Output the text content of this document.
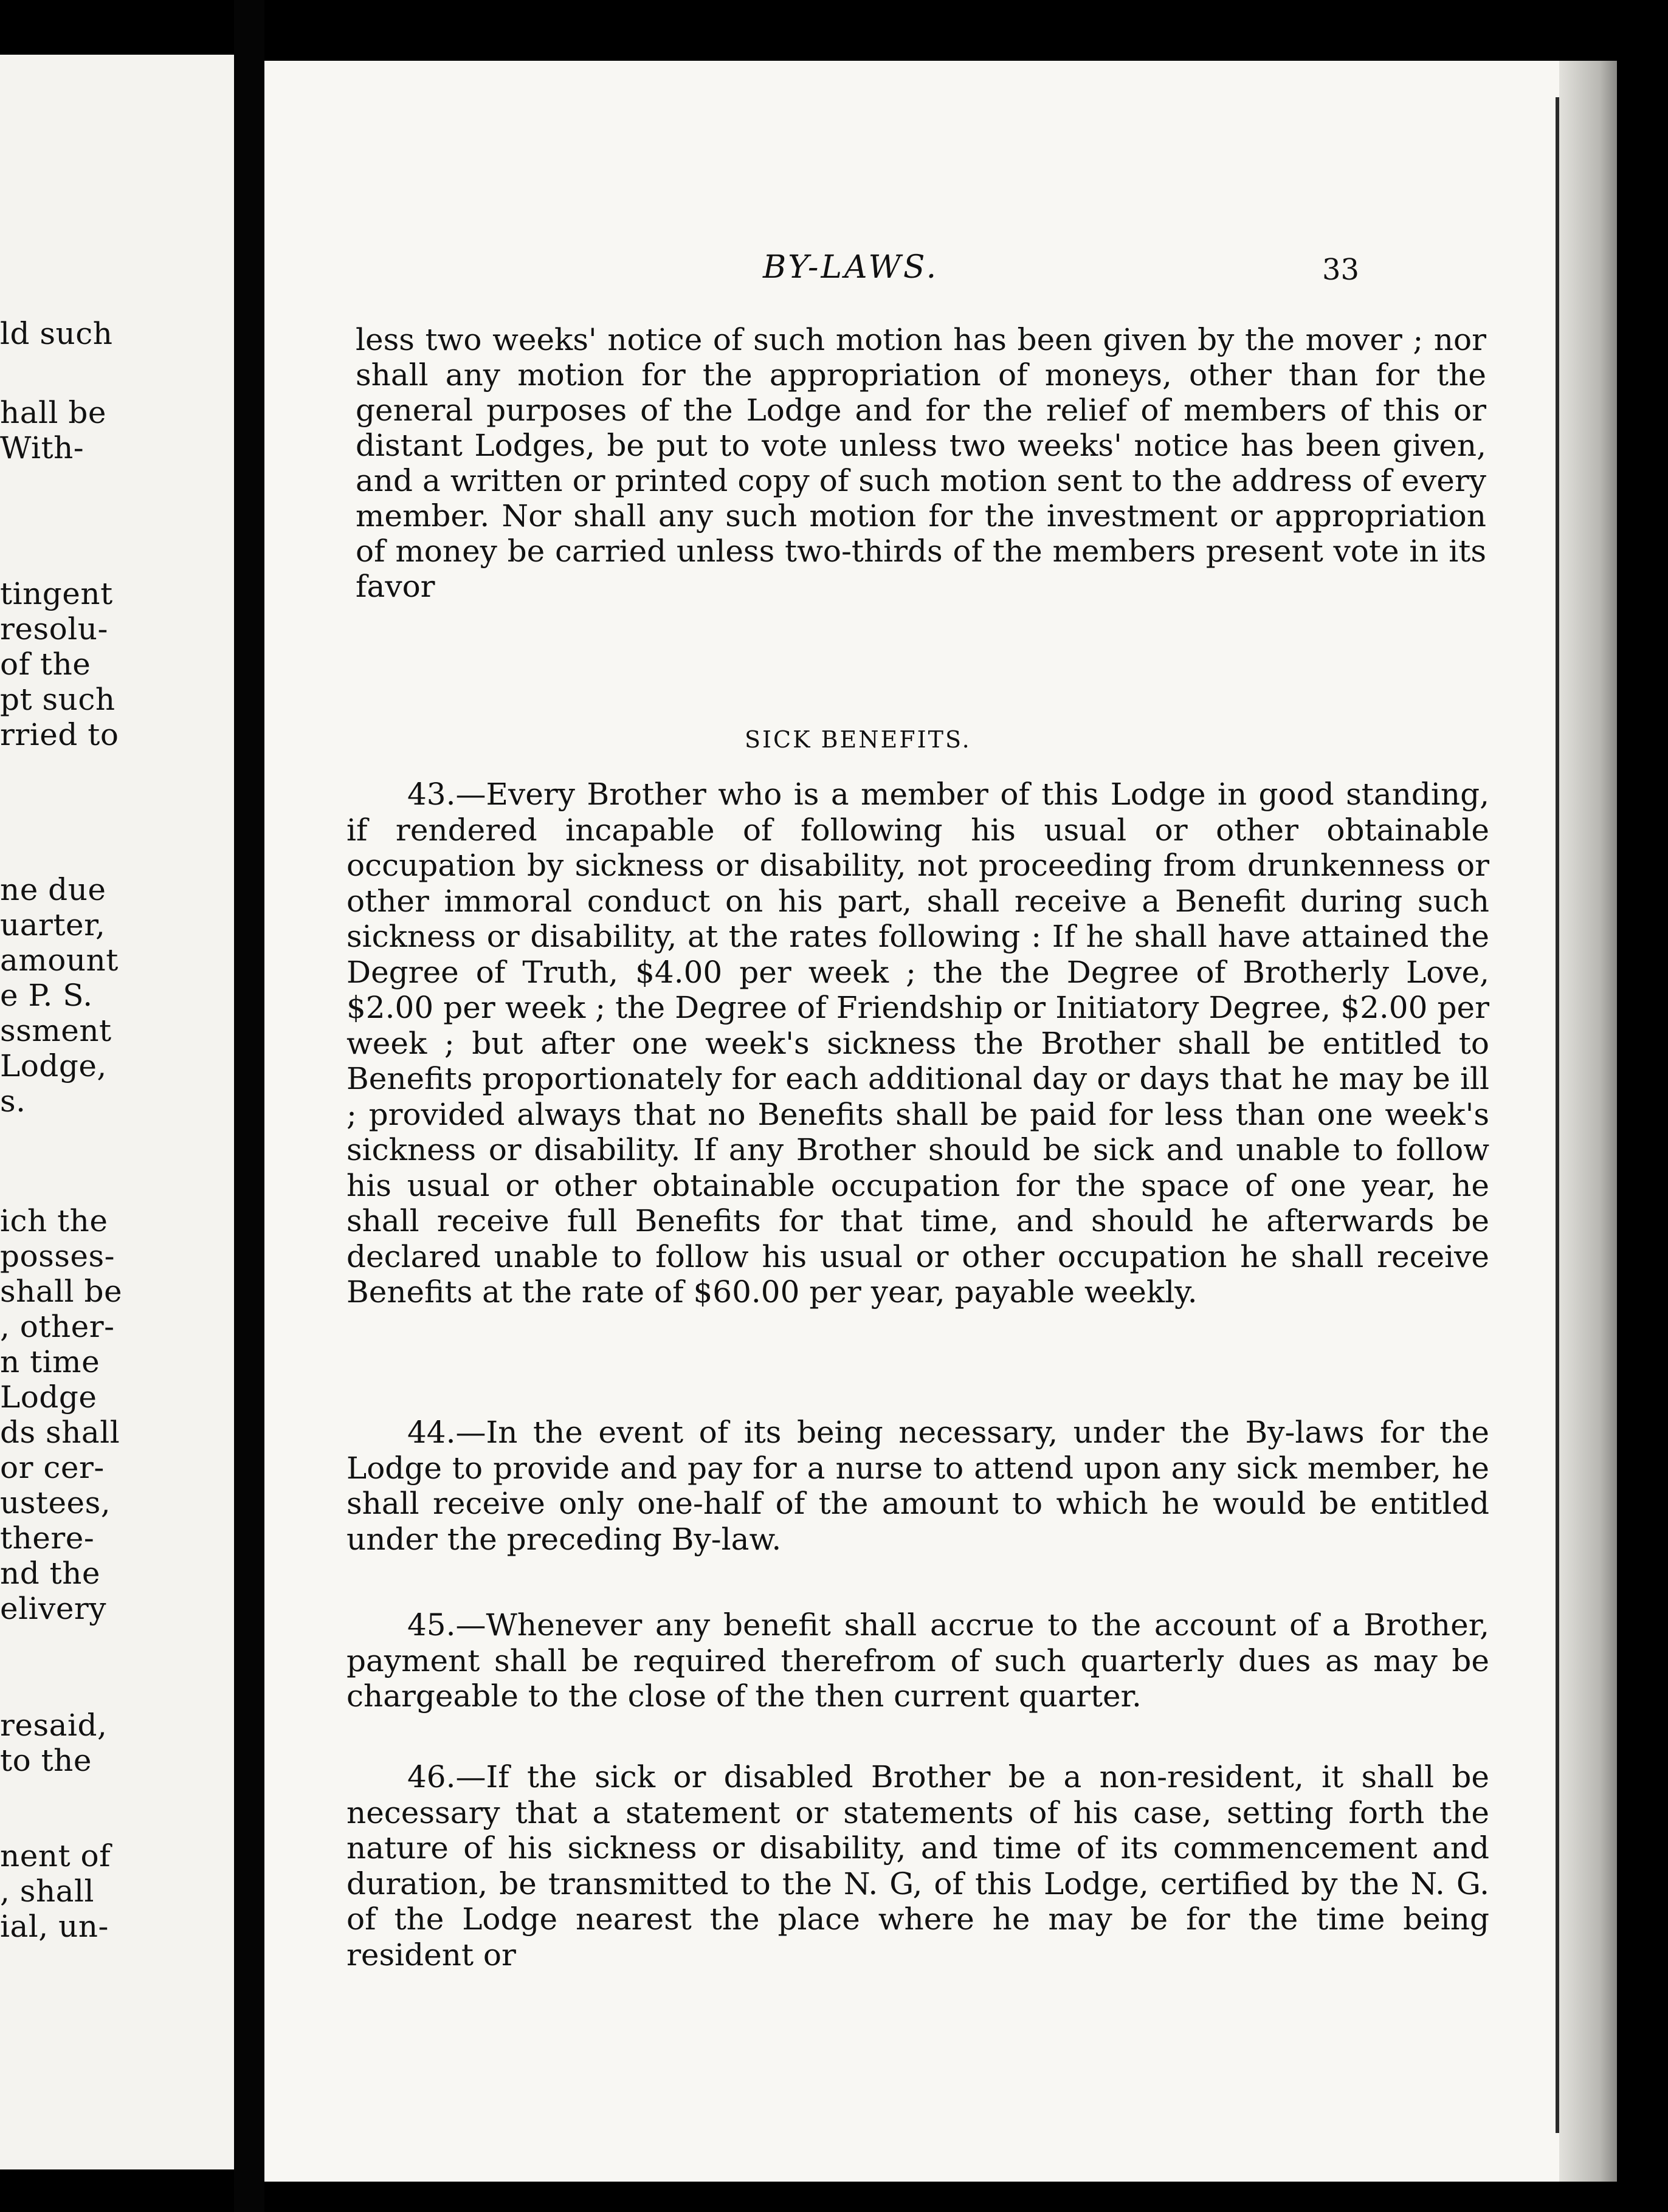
ld such

hall be

With-

tingent

resolu-

of the

pt such

rried to

ne due

uarter,

amount

e P. S.

ssment

Lodge,

s.

ich the

posses-

shall be

, other-

n time

Lodge

ds shall

or cer-

ustees,

there-

nd the

elivery

resaid,

to the

nent of

, shall

ial, un-

BY-LAWS.	33

less two weeks' notice of such motion has been given by the mover ; nor shall any motion for the appropriation of moneys, other than for the general purposes of the Lodge and for the relief of members of this or distant Lodges, be put to vote unless two weeks' notice has been given, and a written or printed copy of such motion sent to the address of every member. Nor shall any such motion for the investment or appropriation of money be carried unless two-thirds of the members present vote in its favor

SICK BENEFITS.

43.—Every Brother who is a member of this Lodge in good standing, if rendered incapable of following his usual or other obtainable occupation by sickness or disability, not proceeding from drunkenness or other immoral conduct on his part, shall receive a Benefit during such sickness or disability, at the rates following : If he shall have attained the Degree of Truth, $4.00 per week ; the the Degree of Brotherly Love, $2.00 per week ; the Degree of Friendship or Initiatory Degree, $2.00 per week ; but after one week's sickness the Brother shall be entitled to Benefits proportionately for each additional day or days that he may be ill ; provided always that no Benefits shall be paid for less than one week's sickness or disability. If any Brother should be sick and unable to follow his usual or other obtainable occupation for the space of one year, he shall receive full Benefits for that time, and should he afterwards be declared unable to follow his usual or other occupation he shall receive Benefits at the rate of $60.00 per year, payable weekly.

44.—In the event of its being necessary, under the By-laws for the Lodge to provide and pay for a nurse to attend upon any sick member, he shall receive only one-half of the amount to which he would be entitled under the preceding By-law.

45.—Whenever any benefit shall accrue to the account of a Brother, payment shall be required therefrom of such quarterly dues as may be chargeable to the close of the then current quarter.

46.—If the sick or disabled Brother be a non-resident, it shall be necessary that a statement or statements of his case, setting forth the nature of his sickness or disability, and time of its commencement and duration, be transmitted to the N. G, of this Lodge, certified by the N. G. of the Lodge nearest the place where he may be for the time being resident or
